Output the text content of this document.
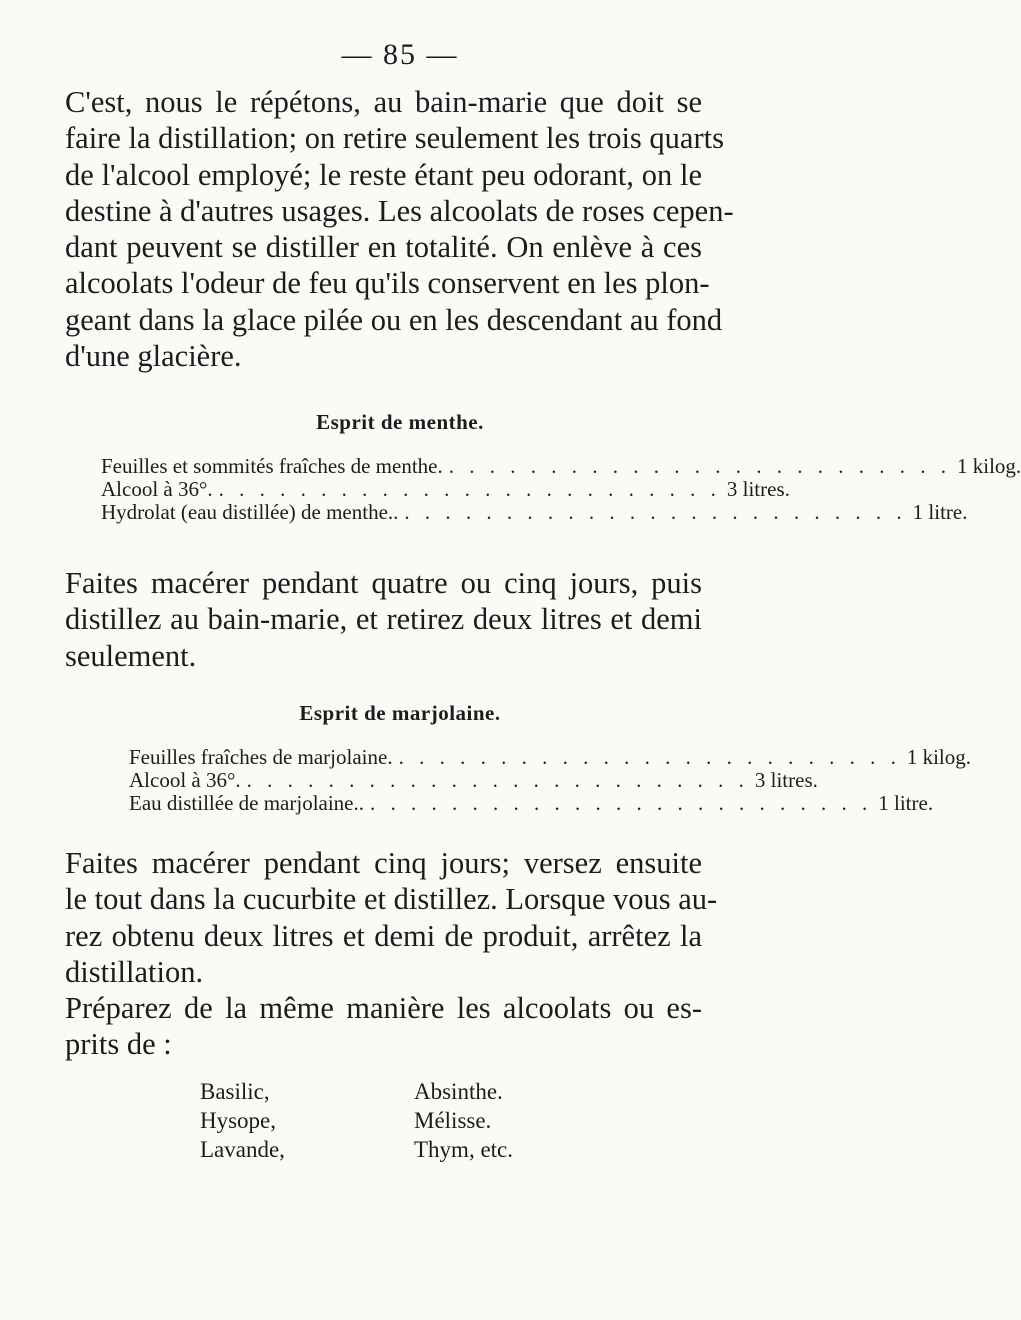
— 85 —
C'est, nous le répétons, au bain-marie que doit se
faire la distillation; on retire seulement les trois quarts
de l'alcool employé; le reste étant peu odorant, on le
destine à d'autres usages. Les alcoolats de roses cepen-
dant peuvent se distiller en totalité. On enlève à ces
alcoolats l'odeur de feu qu'ils conservent en les plon-
geant dans la glace pilée ou en les descendant au fond
d'une glacière.
Esprit de menthe.
Feuilles et sommités fraîches de menthe. . . . . . . . . . . . . . . . . . . . . . . . . . 1 kilog.
Alcool à 36°. . . . . . . . . . . . . . . . . . . . . . . . . . 3 litres.
Hydrolat (eau distillée) de menthe.. . . . . . . . . . . . . . . . . . . . . . . . . . 1 litre.
Faites macérer pendant quatre ou cinq jours, puis
distillez au bain-marie, et retirez deux litres et demi
seulement.
Esprit de marjolaine.
Feuilles fraîches de marjolaine. . . . . . . . . . . . . . . . . . . . . . . . . . 1 kilog.
Alcool à 36°. . . . . . . . . . . . . . . . . . . . . . . . . . 3 litres.
Eau distillée de marjolaine.. . . . . . . . . . . . . . . . . . . . . . . . . . 1 litre.
Faites macérer pendant cinq jours; versez ensuite
le tout dans la cucurbite et distillez. Lorsque vous au-
rez obtenu deux litres et demi de produit, arrêtez la
distillation.
Préparez de la même manière les alcoolats ou es-
prits de :
Basilic,	Absinthe.
Hysope,	Mélisse.
Lavande,	Thym, etc.
